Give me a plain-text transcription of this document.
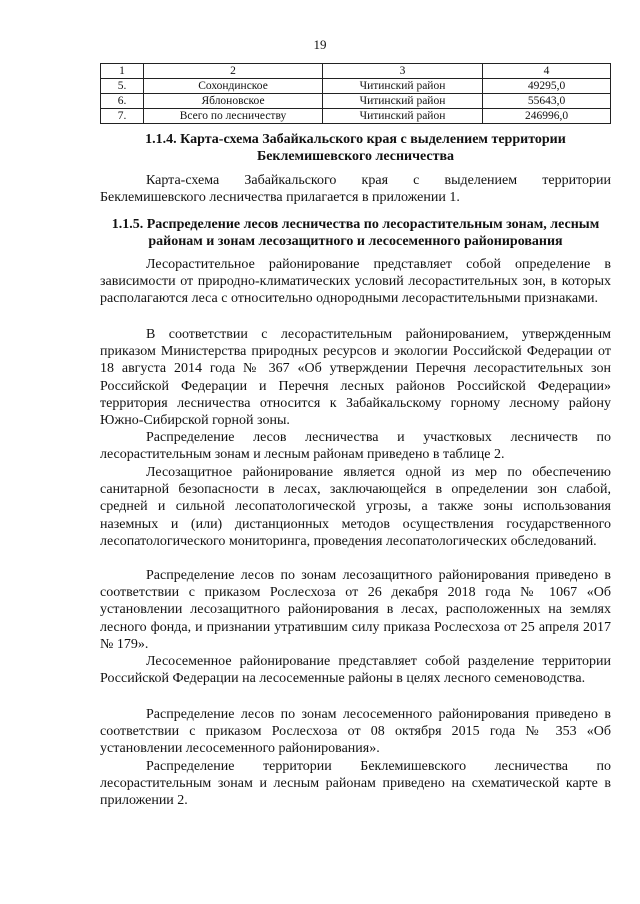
19
1	2	3	4
5.	Сохондинское	Читинский район	49295,0
6.	Яблоновское	Читинский район	55643,0
7.	Всего по лесничеству	Читинский район	246996,0
1.1.4. Карта-схема Забайкальского края с выделением территории Беклемишевского лесничества
Карта-схема Забайкальского края с выделением территории Беклемишевского лесничества прилагается в приложении 1.
1.1.5. Распределение лесов лесничества по лесорастительным зонам, лесным районам и зонам лесозащитного и лесосеменного районирования
Лесорастительное районирование представляет собой определение в зависимости от природно-климатических условий лесорастительных зон, в которых располагаются леса с относительно однородными лесорастительными признаками.
В соответствии с лесорастительным районированием, утвержденным приказом Министерства природных ресурсов и экологии Российской Федерации от 18 августа 2014 года № 367 «Об утверждении Перечня лесорастительных зон Российской Федерации и Перечня лесных районов Российской Федерации» территория лесничества относится к Забайкальскому горному лесному району Южно-Сибирской горной зоны.
Распределение лесов лесничества и участковых лесничеств по лесорастительным зонам и лесным районам приведено в таблице 2.
Лесозащитное районирование является одной из мер по обеспечению санитарной безопасности в лесах, заключающейся в определении зон слабой, средней и сильной лесопатологической угрозы, а также зоны использования наземных и (или) дистанционных методов осуществления государственного лесопатологического мониторинга, проведения лесопатологических обследований.
Распределение лесов по зонам лесозащитного районирования приведено в соответствии с приказом Рослесхоза от 26 декабря 2018 года № 1067 «Об установлении лесозащитного районирования в лесах, расположенных на землях лесного фонда, и признании утратившим силу приказа Рослесхоза от 25 апреля 2017 № 179».
Лесосеменное районирование представляет собой разделение территории Российской Федерации на лесосеменные районы в целях лесного семеноводства.
Распределение лесов по зонам лесосеменного районирования приведено в соответствии с приказом Рослесхоза от 08 октября 2015 года № 353 «Об установлении лесосеменного районирования».
Распределение территории Беклемишевского лесничества по лесорастительным зонам и лесным районам приведено на схематической карте в приложении 2.
